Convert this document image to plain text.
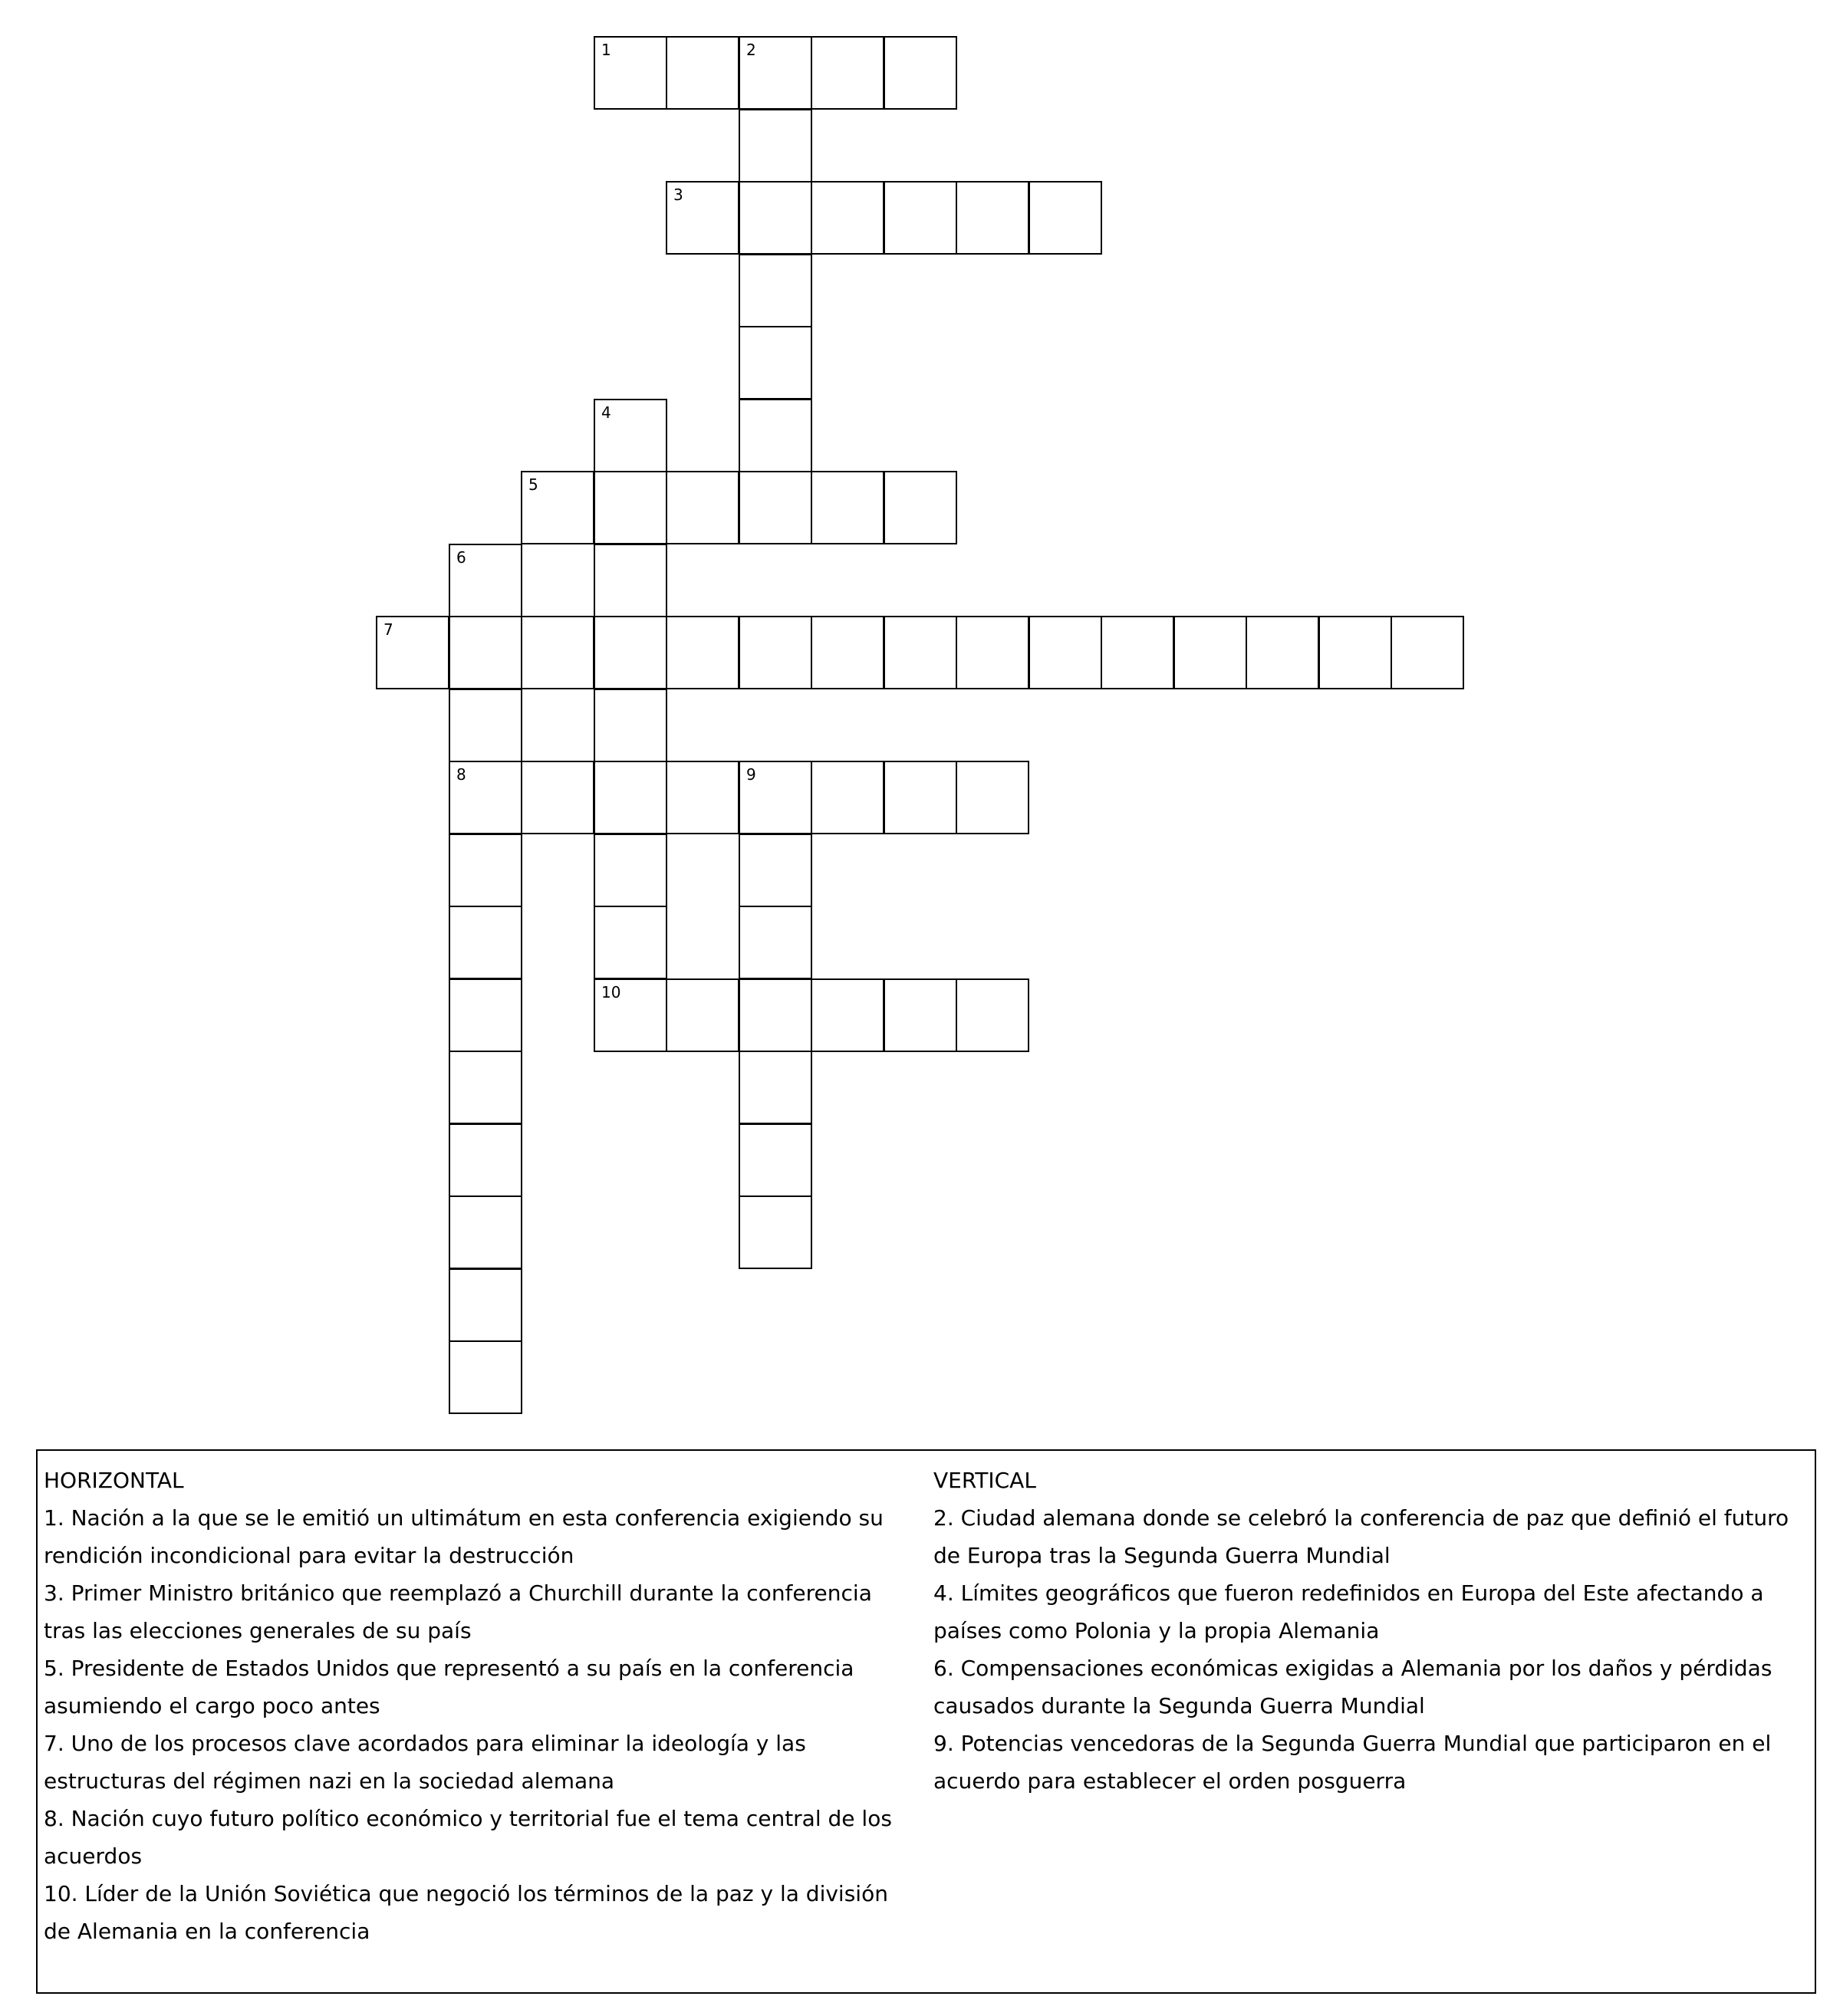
1	2
3
4
10
5
6
8
7
9
HORIZONTAL
1. Nación a la que se le emitió un ultimátum en esta conferencia exigiendo su rendición incondicional para evitar la destrucción
3. Primer Ministro británico que reemplazó a Churchill durante la conferencia tras las elecciones generales de su país
5. Presidente de Estados Unidos que representó a su país en la conferencia asumiendo el cargo poco antes
7. Uno de los procesos clave acordados para eliminar la ideología y las estructuras del régimen nazi en la sociedad alemana
8. Nación cuyo futuro político económico y territorial fue el tema central de los acuerdos
10. Líder de la Unión Soviética que negoció los términos de la paz y la división de Alemania en la conferencia
VERTICAL
2. Ciudad alemana donde se celebró la conferencia de paz que definió el futuro de Europa tras la Segunda Guerra Mundial
4. Límites geográficos que fueron redefinidos en Europa del Este afectando a países como Polonia y la propia Alemania
6. Compensaciones económicas exigidas a Alemania por los daños y pérdidas causados durante la Segunda Guerra Mundial
9. Potencias vencedoras de la Segunda Guerra Mundial que participaron en el acuerdo para establecer el orden posguerra
